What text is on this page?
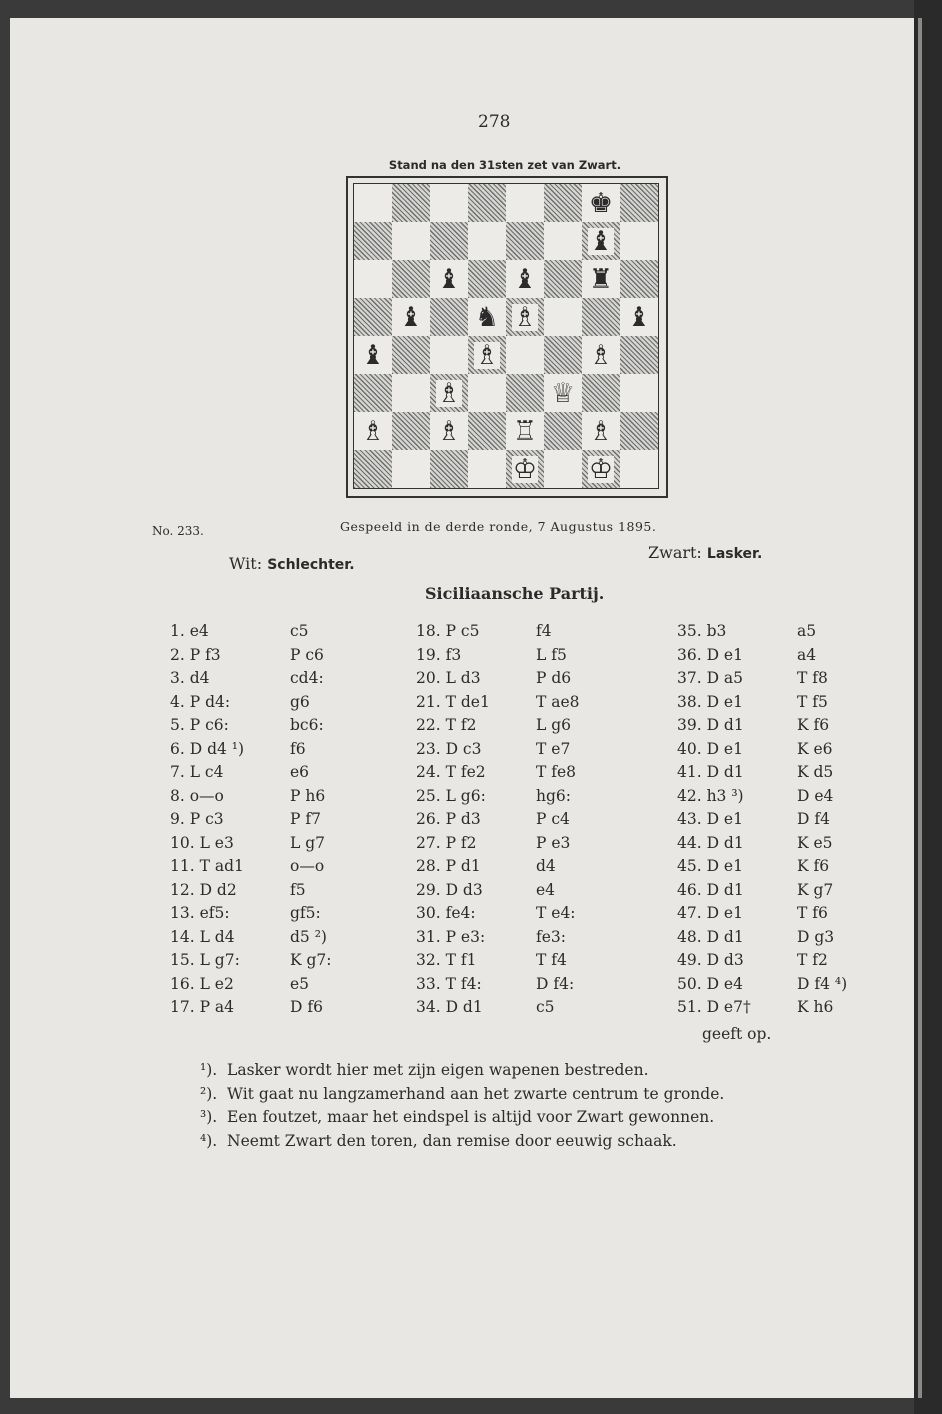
278
Stand na den 31sten zet van Zwart.
♚
♝
♝ ♝ ♜
♝ ♞ ♗	♝
♝	♗	♗
♗	♕
♗ ♗ ♖ ♗
♔ ♔
No. 233.	Gespeeld in de derde ronde, 7 Augustus 1895.
Wit: Schlechter.
Zwart: Lasker.
Siciliaansche Partij.
1. e4	c5
2. P f3	P c6
3. d4	cd4:
4. P d4:	g6
5. P c6:	bc6:
6. D d4 ¹)	f6
7. L c4	e6
8. o—o	P h6
9. P c3	P f7
10. L e3	L g7
11. T ad1	o—o
12. D d2	f5
13. ef5:	gf5:
14. L d4	d5 ²)
15. L g7:	K g7:
16. L e2	e5
17. P a4	D f6
18. P c5	f4
19. f3	L f5
20. L d3	P d6
21. T de1	T ae8
22. T f2	L g6
23. D c3	T e7
24. T fe2	T fe8
25. L g6:	hg6:
26. P d3	P c4
27. P f2	P e3
28. P d1	d4
29. D d3	e4
30. fe4:	T e4:
31. P e3:	fe3:
32. T f1	T f4
33. T f4:	D f4:
34. D d1	c5
35. b3	a5
36. D e1	a4
37. D a5	T f8
38. D e1	T f5
39. D d1	K f6
40. D e1	K e6
41. D d1	K d5
42. h3 ³)	D e4
43. D e1	D f4
44. D d1	K e5
45. D e1	K f6
46. D d1	K g7
47. D e1	T f6
48. D d1	D g3
49. D d3	T f2
50. D e4	D f4 ⁴)
51. D e7†	K h6
geeft op.
¹).  Lasker wordt hier met zijn eigen wapenen bestreden.
²).  Wit gaat nu langzamerhand aan het zwarte centrum te gronde.
³).  Een foutzet, maar het eindspel is altijd voor Zwart gewonnen.
⁴).  Neemt Zwart den toren, dan remise door eeuwig schaak.
